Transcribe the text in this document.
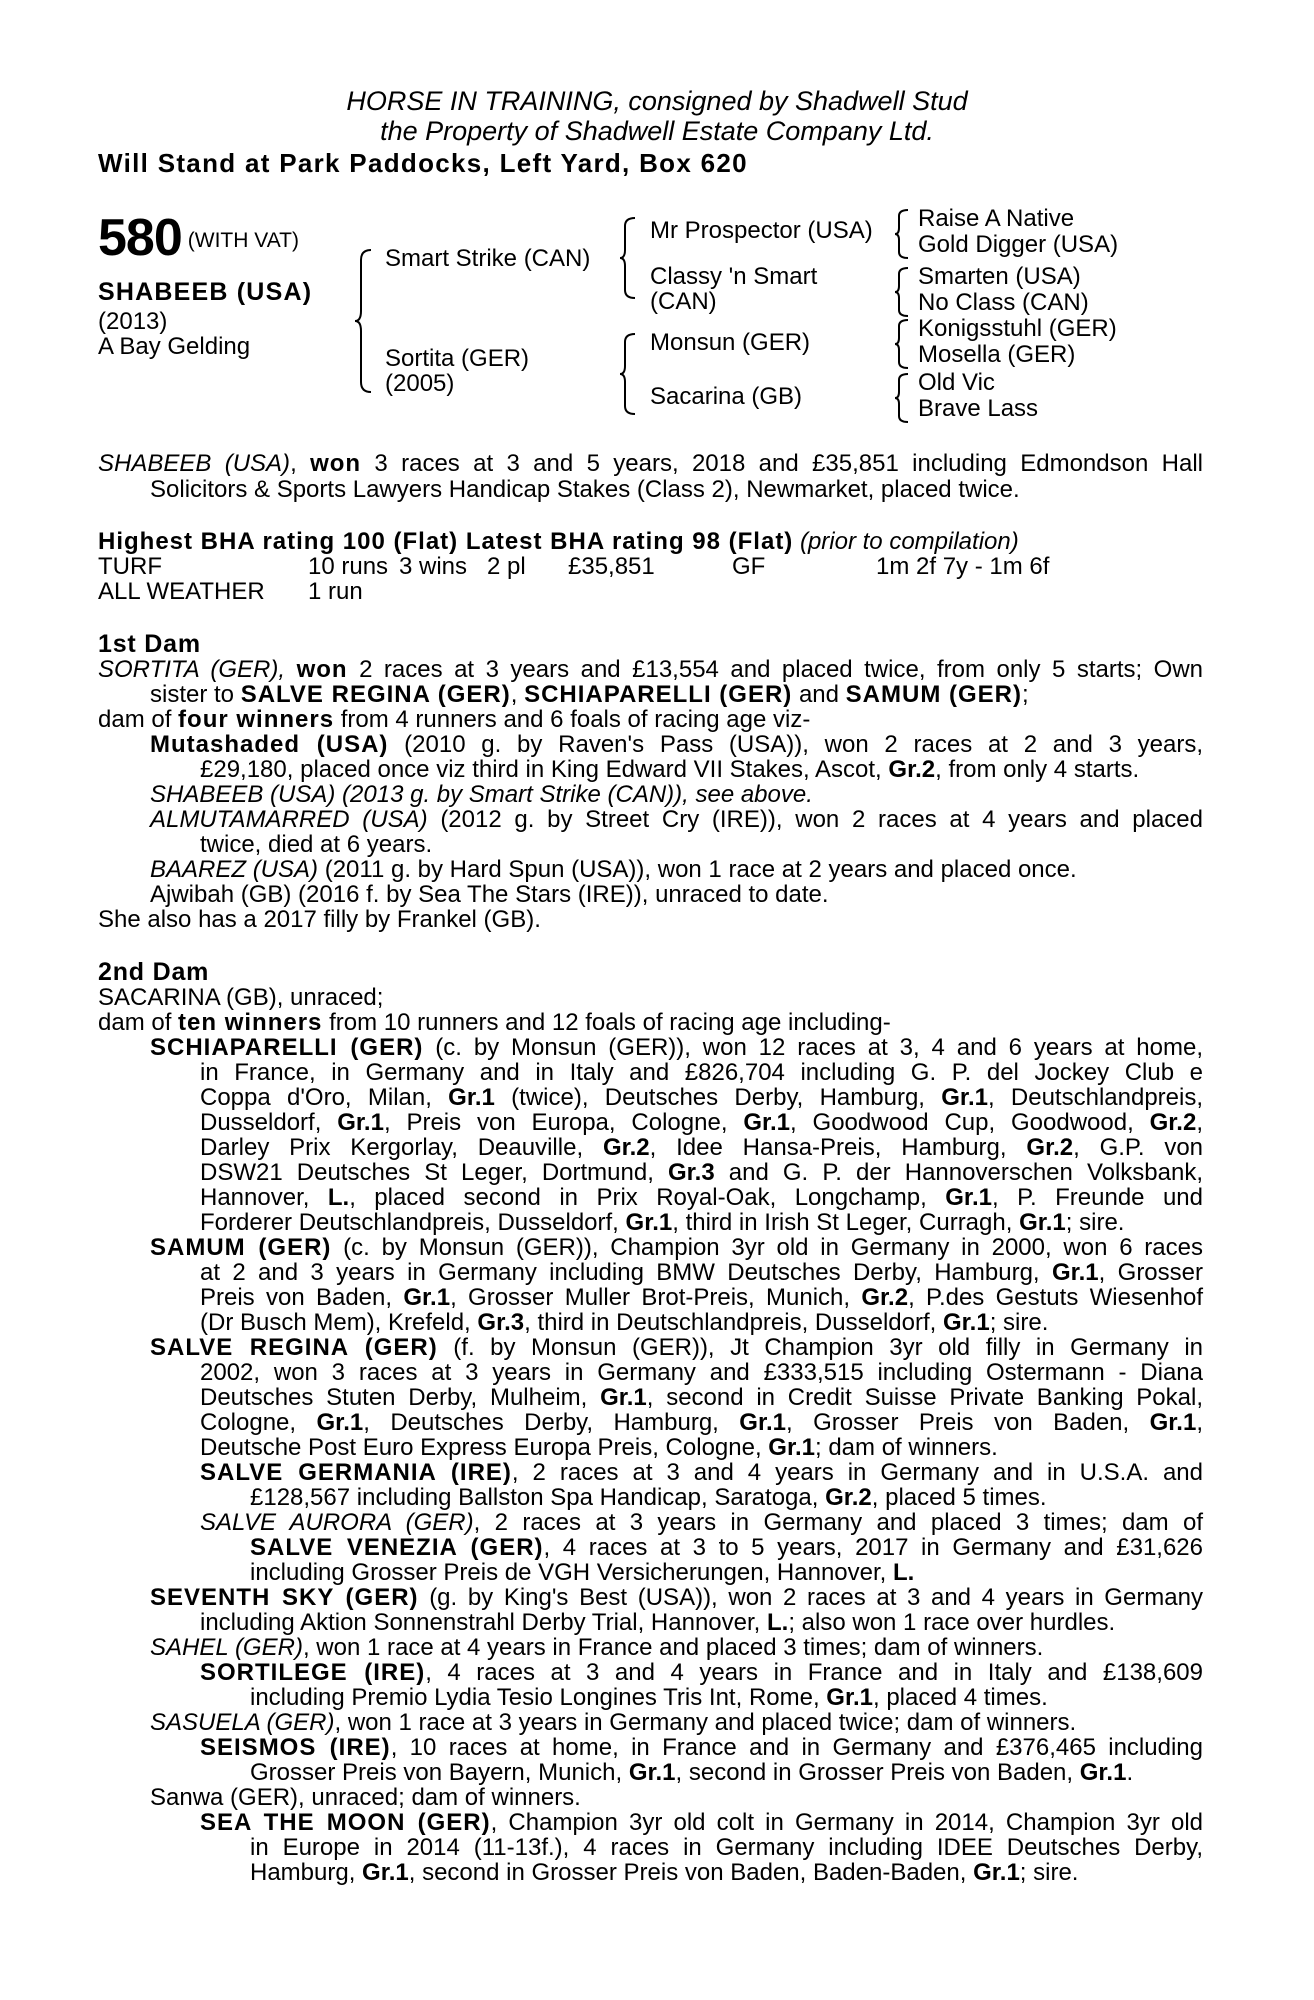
HORSE IN TRAINING, consigned by Shadwell Stud
the Property of Shadwell Estate Company Ltd.
Will Stand at Park Paddocks, Left Yard, Box 620
580 (WITH VAT)
SHABEEB (USA)
(2013)
A Bay Gelding
Smart Strike (CAN)
Sortita (GER)
(2005)
Mr Prospector (USA)
Classy 'n Smart
(CAN)
Monsun (GER)
Sacarina (GB)
Raise A Native
Gold Digger (USA)
Smarten (USA)
No Class (CAN)
Konigsstuhl (GER)
Mosella (GER)
Old Vic
Brave Lass
SHABEEB (USA), won 3 races at 3 and 5 years, 2018 and £35,851 including Edmondson Hall
Solicitors & Sports Lawyers Handicap Stakes (Class 2), Newmarket, placed twice.
Highest BHA rating 100 (Flat) Latest BHA rating 98 (Flat) (prior to compilation)
TURF	10 runs 3 wins 2 pl £35,851	GF	1m 2f 7y - 1m 6f
ALL WEATHER 1 run
1st Dam
SORTITA (GER), won 2 races at 3 years and £13,554 and placed twice, from only 5 starts; Own
sister to SALVE REGINA (GER), SCHIAPARELLI (GER) and SAMUM (GER);
dam of four winners from 4 runners and 6 foals of racing age viz-
Mutashaded (USA) (2010 g. by Raven's Pass (USA)), won 2 races at 2 and 3 years,
£29,180, placed once viz third in King Edward VII Stakes, Ascot, Gr.2, from only 4 starts.
SHABEEB (USA) (2013 g. by Smart Strike (CAN)), see above.
ALMUTAMARRED (USA) (2012 g. by Street Cry (IRE)), won 2 races at 4 years and placed
twice, died at 6 years.
BAAREZ (USA) (2011 g. by Hard Spun (USA)), won 1 race at 2 years and placed once.
Ajwibah (GB) (2016 f. by Sea The Stars (IRE)), unraced to date.
She also has a 2017 filly by Frankel (GB).
2nd Dam
SACARINA (GB), unraced;
dam of ten winners from 10 runners and 12 foals of racing age including-
SCHIAPARELLI (GER) (c. by Monsun (GER)), won 12 races at 3, 4 and 6 years at home,
in France, in Germany and in Italy and £826,704 including G. P. del Jockey Club e
Coppa d'Oro, Milan, Gr.1 (twice), Deutsches Derby, Hamburg, Gr.1, Deutschlandpreis,
Dusseldorf, Gr.1, Preis von Europa, Cologne, Gr.1, Goodwood Cup, Goodwood, Gr.2,
Darley Prix Kergorlay, Deauville, Gr.2, Idee Hansa-Preis, Hamburg, Gr.2, G.P. von
DSW21 Deutsches St Leger, Dortmund, Gr.3 and G. P. der Hannoverschen Volksbank,
Hannover, L., placed second in Prix Royal-Oak, Longchamp, Gr.1, P. Freunde und
Forderer Deutschlandpreis, Dusseldorf, Gr.1, third in Irish St Leger, Curragh, Gr.1; sire.
SAMUM (GER) (c. by Monsun (GER)), Champion 3yr old in Germany in 2000, won 6 races
at 2 and 3 years in Germany including BMW Deutsches Derby, Hamburg, Gr.1, Grosser
Preis von Baden, Gr.1, Grosser Muller Brot-Preis, Munich, Gr.2, P.des Gestuts Wiesenhof
(Dr Busch Mem), Krefeld, Gr.3, third in Deutschlandpreis, Dusseldorf, Gr.1; sire.
SALVE REGINA (GER) (f. by Monsun (GER)), Jt Champion 3yr old filly in Germany in
2002, won 3 races at 3 years in Germany and £333,515 including Ostermann - Diana
Deutsches Stuten Derby, Mulheim, Gr.1, second in Credit Suisse Private Banking Pokal,
Cologne, Gr.1, Deutsches Derby, Hamburg, Gr.1, Grosser Preis von Baden, Gr.1,
Deutsche Post Euro Express Europa Preis, Cologne, Gr.1; dam of winners.
SALVE GERMANIA (IRE), 2 races at 3 and 4 years in Germany and in U.S.A. and
£128,567 including Ballston Spa Handicap, Saratoga, Gr.2, placed 5 times.
SALVE AURORA (GER), 2 races at 3 years in Germany and placed 3 times; dam of
SALVE VENEZIA (GER), 4 races at 3 to 5 years, 2017 in Germany and £31,626
including Grosser Preis de VGH Versicherungen, Hannover, L.
SEVENTH SKY (GER) (g. by King's Best (USA)), won 2 races at 3 and 4 years in Germany
including Aktion Sonnenstrahl Derby Trial, Hannover, L.; also won 1 race over hurdles.
SAHEL (GER), won 1 race at 4 years in France and placed 3 times; dam of winners.
SORTILEGE (IRE), 4 races at 3 and 4 years in France and in Italy and £138,609
including Premio Lydia Tesio Longines Tris Int, Rome, Gr.1, placed 4 times.
SASUELA (GER), won 1 race at 3 years in Germany and placed twice; dam of winners.
SEISMOS (IRE), 10 races at home, in France and in Germany and £376,465 including
Grosser Preis von Bayern, Munich, Gr.1, second in Grosser Preis von Baden, Gr.1.
Sanwa (GER), unraced; dam of winners.
SEA THE MOON (GER), Champion 3yr old colt in Germany in 2014, Champion 3yr old
in Europe in 2014 (11-13f.), 4 races in Germany including IDEE Deutsches Derby,
Hamburg, Gr.1, second in Grosser Preis von Baden, Baden-Baden, Gr.1; sire.
